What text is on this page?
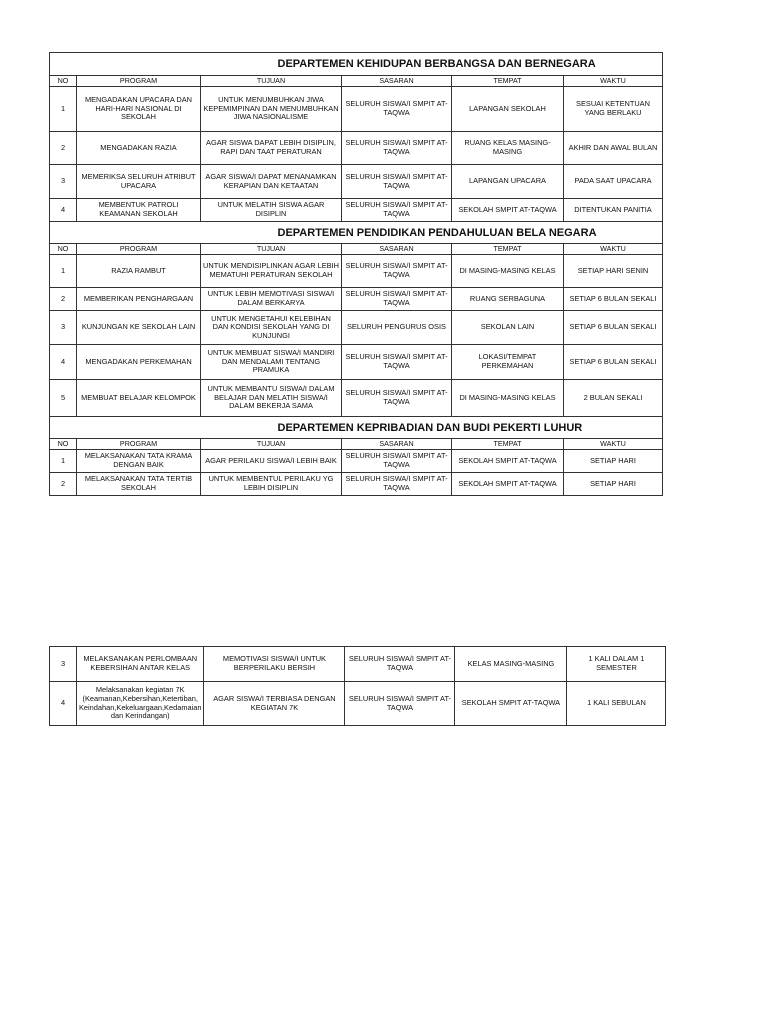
		DEPARTEMEN KEHIDUPAN BERBANGSA DAN BERNEGARA			
NO	PROGRAM	TUJUAN	SASARAN	TEMPAT	WAKTU
1	MENGADAKAN UPACARA DAN HARI-HARI NASIONAL DI SEKOLAH	UNTUK MENUMBUHKAN JIWA KEPEMIMPINAN DAN MENUMBUHKAN JIWA NASIONALISME	SELURUH SISWA/I SMPIT AT-TAQWA	LAPANGAN SEKOLAH	SESUAI KETENTUAN YANG BERLAKU
2	MENGADAKAN RAZIA	AGAR SISWA DAPAT LEBIH DISIPLIN, RAPI DAN TAAT PERATURAN	SELURUH SISWA/I SMPIT AT-TAQWA	RUANG KELAS MASING-MASING	AKHIR DAN AWAL BULAN
3	MEMERIKSA SELURUH ATRIBUT UPACARA	AGAR SISWA/I DAPAT MENANAMKAN KERAPIAN DAN KETAATAN	SELURUH SISWA/I SMPIT AT-TAQWA	LAPANGAN UPACARA	PADA SAAT UPACARA
4	MEMBENTUK PATROLI KEAMANAN SEKOLAH	UNTUK MELATIH SISWA AGAR DISIPLIN	SELURUH SISWA/I SMPIT AT-TAQWA	SEKOLAH SMPIT AT-TAQWA	DITENTUKAN PANITIA
		DEPARTEMEN PENDIDIKAN PENDAHULUAN BELA NEGARA			
NO	PROGRAM	TUJUAN	SASARAN	TEMPAT	WAKTU
1	RAZIA RAMBUT	UNTUK MENDISIPLINKAN AGAR LEBIH MEMATUHI PERATURAN SEKOLAH	SELURUH SISWA/I SMPIT AT-TAQWA	DI MASING-MASING KELAS	SETIAP HARI SENIN
2	MEMBERIKAN PENGHARGAAN	UNTUK LEBIH MEMOTIVASI SISWA/I DALAM BERKARYA	SELURUH SISWA/I SMPIT AT-TAQWA	RUANG SERBAGUNA	SETIAP 6 BULAN SEKALI
3	KUNJUNGAN KE SEKOLAH LAIN	UNTUK MENGETAHUI KELEBIHAN DAN KONDISI SEKOLAH YANG DI KUNJUNGI	SELURUH PENGURUS OSIS	SEKOLAN LAIN	SETIAP 6 BULAN SEKALI
4	MENGADAKAN PERKEMAHAN	UNTUK MEMBUAT SISWA/I MANDIRI DAN MENDALAMI TENTANG PRAMUKA	SELURUH SISWA/I SMPIT AT-TAQWA	LOKASI/TEMPAT PERKEMAHAN	SETIAP 6 BULAN SEKALI
5	MEMBUAT BELAJAR KELOMPOK	UNTUK MEMBANTU SISWA/I DALAM BELAJAR DAN MELATIH SISWA/I DALAM BEKERJA SAMA	SELURUH SISWA/I SMPIT AT-TAQWA	DI MASING-MASING KELAS	2 BULAN SEKALI
		DEPARTEMEN KEPRIBADIAN DAN BUDI PEKERTI LUHUR			
NO	PROGRAM	TUJUAN	SASARAN	TEMPAT	WAKTU
1	MELAKSANAKAN TATA KRAMA DENGAN BAIK	AGAR PERILAKU SISWA/I LEBIH BAIK	SELURUH SISWA/I SMPIT AT-TAQWA	SEKOLAH SMPIT AT-TAQWA	SETIAP HARI
2	MELAKSANAKAN TATA TERTIB SEKOLAH	UNTUK MEMBENTUL PERILAKU YG LEBIH DISIPLIN	SELURUH SISWA/I SMPIT AT-TAQWA	SEKOLAH SMPIT AT-TAQWA	SETIAP HARI
3	MELAKSANAKAN PERLOMBAAN KEBERSIHAN ANTAR KELAS	MEMOTIVASI SISWA/I UNTUK BERPERILAKU BERSIH	SELURUH SISWA/I SMPIT AT-TAQWA	KELAS MASING-MASING	1 KALI DALAM 1 SEMESTER
4	Melaksanakan kegiatan 7K (Keamanan,Kebersihan,Ketertiban, Keindahan,Kekeluargaan,Kedamaian dan Kerindangan)	AGAR SISWA/I TERBIASA DENGAN KEGIATAN 7K	SELURUH SISWA/I SMPIT AT-TAQWA	SEKOLAH SMPIT AT-TAQWA	1 KALI SEBULAN
